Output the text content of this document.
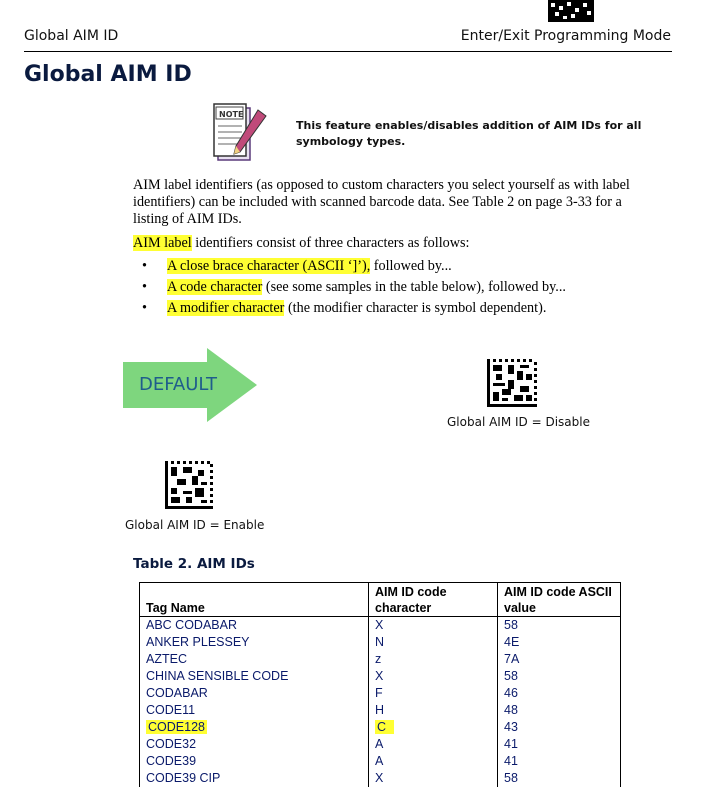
Global AIM ID	Enter/Exit Programming Mode
Global AIM ID
NOTE
This feature enables/disables addition of AIM IDs for all symbology types.
AIM label identifiers (as opposed to custom characters you select yourself as with label identifiers) can be included with scanned barcode data. See Table 2 on page 3-33 for a listing of AIM IDs.
AIM label identifiers consist of three characters as follows:
• A close brace character (ASCII ‘]’), followed by...
• A code character (see some samples in the table below), followed by...
• A modifier character (the modifier character is symbol dependent).
DEFAULT
Global AIM ID = Disable
Global AIM ID = Enable
Table 2. AIM IDs
Tag Name	AIM ID code character	AIM ID code ASCII value
ABC CODABAR	X	58
ANKER PLESSEY	N	4E
AZTEC	z	7A
CHINA SENSIBLE CODE	X	58
CODABAR	F	46
CODE11	H	48
CODE128	C	43
CODE32	A	41
CODE39	A	41
CODE39 CIP	X	58
